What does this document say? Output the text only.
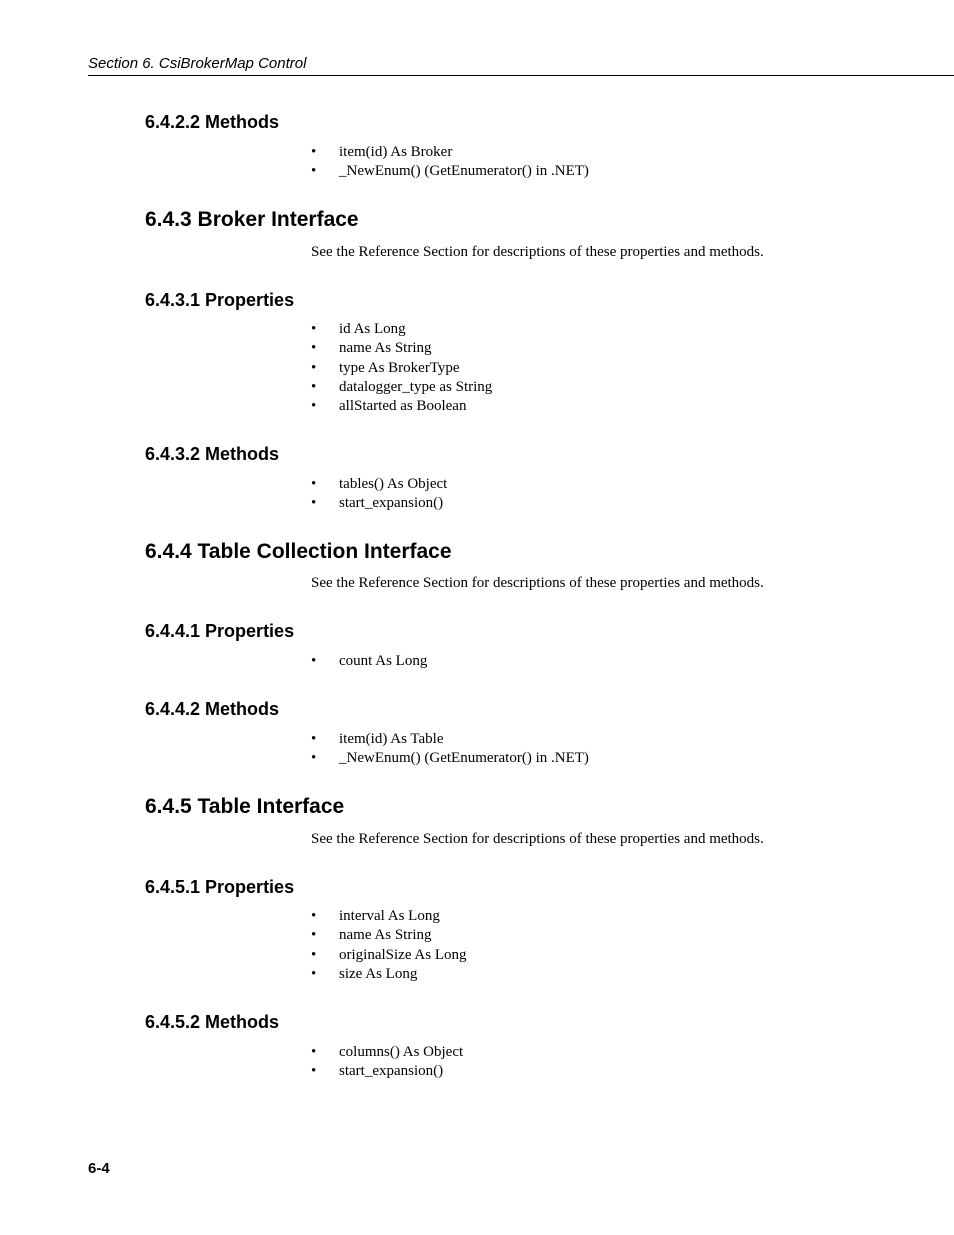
Section 6. CsiBrokerMap Control
6.4.2.2 Methods
•	item(id) As Broker
•	_NewEnum() (GetEnumerator() in .NET)
6.4.3 Broker Interface
See the Reference Section for descriptions of these properties and methods.
6.4.3.1 Properties
•	id As Long
•	name As String
•	type As BrokerType
•	datalogger_type as String
•	allStarted as Boolean
6.4.3.2 Methods
•	tables() As Object
•	start_expansion()
6.4.4 Table Collection Interface
See the Reference Section for descriptions of these properties and methods.
6.4.4.1 Properties
•	count As Long
6.4.4.2 Methods
•	item(id) As Table
•	_NewEnum() (GetEnumerator() in .NET)
6.4.5 Table Interface
See the Reference Section for descriptions of these properties and methods.
6.4.5.1 Properties
•	interval As Long
•	name As String
•	originalSize As Long
•	size As Long
6.4.5.2 Methods
•	columns() As Object
•	start_expansion()
6-4
